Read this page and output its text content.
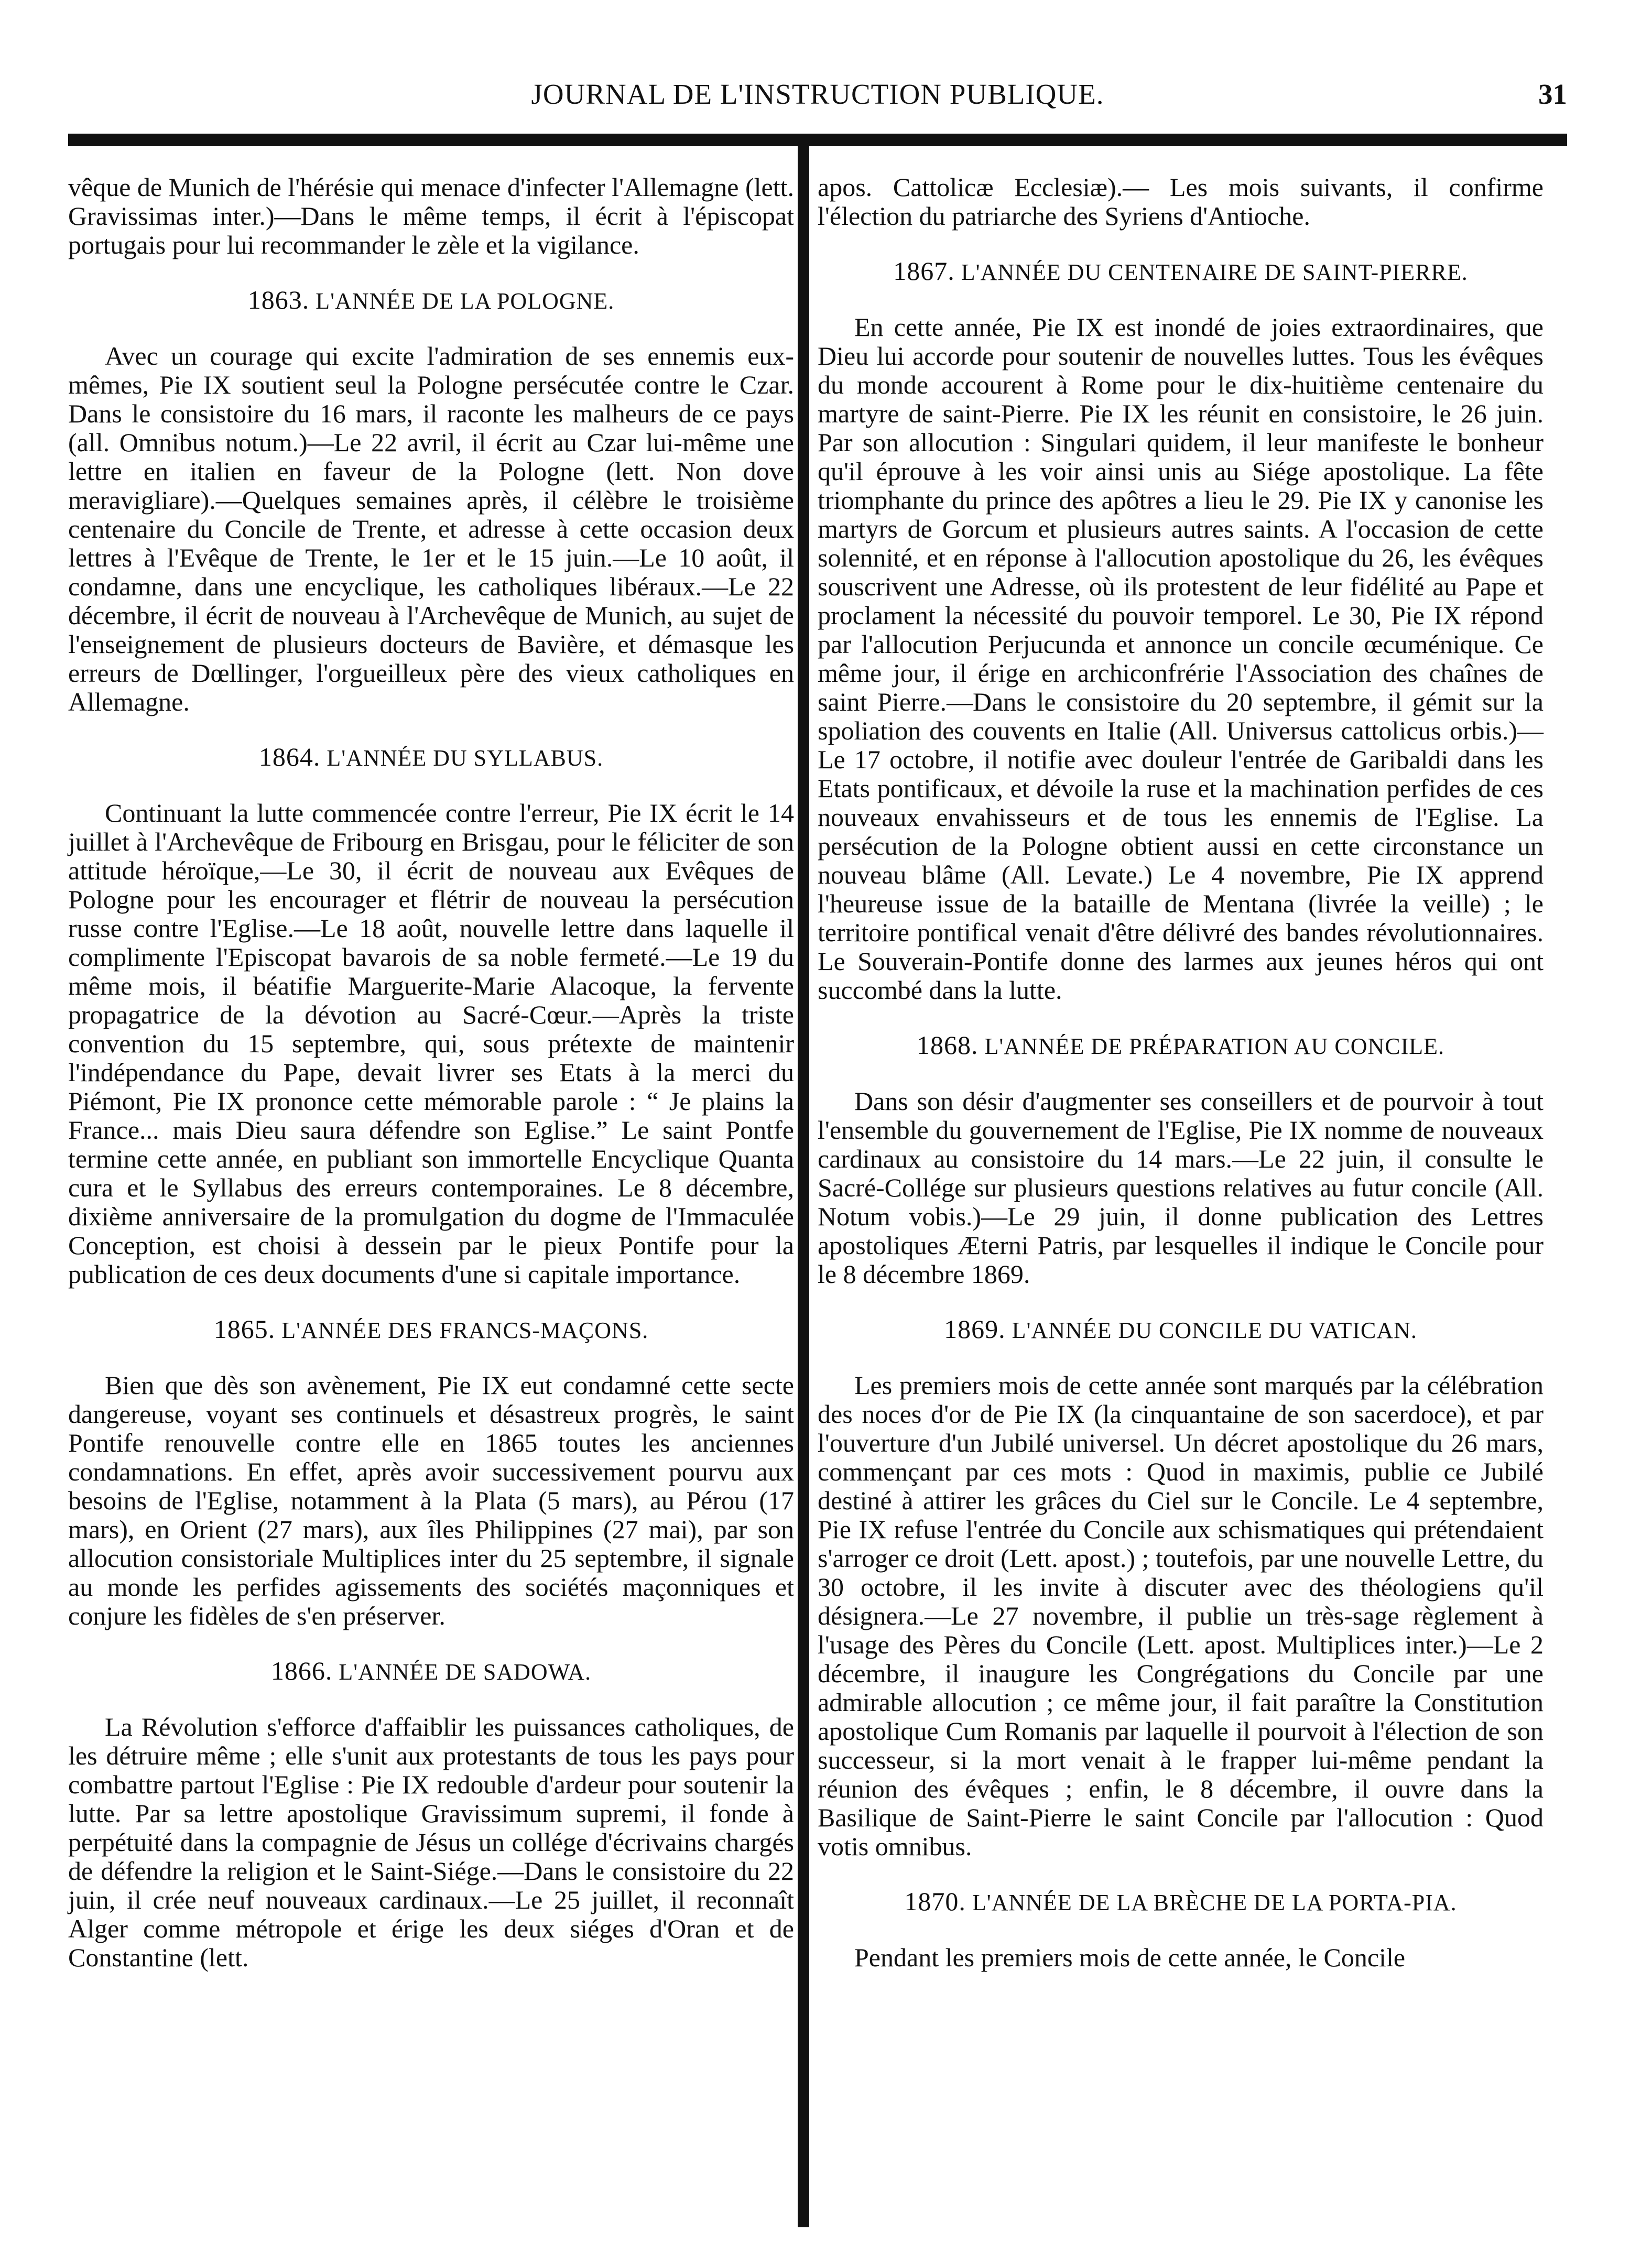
JOURNAL DE L'INSTRUCTION PUBLIQUE.	31

vêque de Munich de l'hérésie qui menace d'infecter l'Allemagne (lett. Gravissimas inter.)—Dans le même temps, il écrit à l'épiscopat portugais pour lui recommander le zèle et la vigilance.

1863. L'ANNÉE DE LA POLOGNE.

Avec un courage qui excite l'admiration de ses ennemis eux-mêmes, Pie IX soutient seul la Pologne persécutée contre le Czar. Dans le consistoire du 16 mars, il raconte les malheurs de ce pays (all. Omnibus notum.)—Le 22 avril, il écrit au Czar lui-même une lettre en italien en faveur de la Pologne (lett. Non dove meravigliare).—Quelques semaines après, il célèbre le troisième centenaire du Concile de Trente, et adresse à cette occasion deux lettres à l'Evêque de Trente, le 1er et le 15 juin.—Le 10 août, il condamne, dans une encyclique, les catholiques libéraux.—Le 22 décembre, il écrit de nouveau à l'Archevêque de Munich, au sujet de l'enseignement de plusieurs docteurs de Bavière, et démasque les erreurs de Dœllinger, l'orgueilleux père des vieux catholiques en Allemagne.

1864. L'ANNÉE DU SYLLABUS.

Continuant la lutte commencée contre l'erreur, Pie IX écrit le 14 juillet à l'Archevêque de Fribourg en Brisgau, pour le féliciter de son attitude héroïque,—Le 30, il écrit de nouveau aux Evêques de Pologne pour les encourager et flétrir de nouveau la persécution russe contre l'Eglise.—Le 18 août, nouvelle lettre dans laquelle il complimente l'Episcopat bavarois de sa noble fermeté.—Le 19 du même mois, il béatifie Marguerite-Marie Alacoque, la fervente propagatrice de la dévotion au Sacré-Cœur.—Après la triste convention du 15 septembre, qui, sous prétexte de maintenir l'indépendance du Pape, devait livrer ses Etats à la merci du Piémont, Pie IX prononce cette mémorable parole : “ Je plains la France... mais Dieu saura défendre son Eglise.” Le saint Pontfe termine cette année, en publiant son immortelle Encyclique Quanta cura et le Syllabus des erreurs contemporaines. Le 8 décembre, dixième anniversaire de la promulgation du dogme de l'Immaculée Conception, est choisi à dessein par le pieux Pontife pour la publication de ces deux documents d'une si capitale importance.

1865. L'ANNÉE DES FRANCS-MAÇONS.

Bien que dès son avènement, Pie IX eut condamné cette secte dangereuse, voyant ses continuels et désastreux progrès, le saint Pontife renouvelle contre elle en 1865 toutes les anciennes condamnations. En effet, après avoir successivement pourvu aux besoins de l'Eglise, notamment à la Plata (5 mars), au Pérou (17 mars), en Orient (27 mars), aux îles Philippines (27 mai), par son allocution consistoriale Multiplices inter du 25 septembre, il signale au monde les perfides agissements des sociétés maçonniques et conjure les fidèles de s'en préserver.

1866. L'ANNÉE DE SADOWA.

La Révolution s'efforce d'affaiblir les puissances catholiques, de les détruire même ; elle s'unit aux protestants de tous les pays pour combattre partout l'Eglise : Pie IX redouble d'ardeur pour soutenir la lutte. Par sa lettre apostolique Gravissimum supremi, il fonde à perpétuité dans la compagnie de Jésus un collége d'écrivains chargés de défendre la religion et le Saint-Siége.—Dans le consistoire du 22 juin, il crée neuf nouveaux cardinaux.—Le 25 juillet, il reconnaît Alger comme métropole et érige les deux siéges d'Oran et de Constantine (lett.

apos. Cattolicæ Ecclesiæ).— Les mois suivants, il confirme l'élection du patriarche des Syriens d'Antioche.

1867. L'ANNÉE DU CENTENAIRE DE SAINT-PIERRE.

En cette année, Pie IX est inondé de joies extraordinaires, que Dieu lui accorde pour soutenir de nouvelles luttes. Tous les évêques du monde accourent à Rome pour le dix-huitième centenaire du martyre de saint-Pierre. Pie IX les réunit en consistoire, le 26 juin. Par son allocution : Singulari quidem, il leur manifeste le bonheur qu'il éprouve à les voir ainsi unis au Siége apostolique. La fête triomphante du prince des apôtres a lieu le 29. Pie IX y canonise les martyrs de Gorcum et plusieurs autres saints. A l'occasion de cette solennité, et en réponse à l'allocution apostolique du 26, les évêques souscrivent une Adresse, où ils protestent de leur fidélité au Pape et proclament la nécessité du pouvoir temporel. Le 30, Pie IX répond par l'allocution Perjucunda et annonce un concile œcuménique. Ce même jour, il érige en archiconfrérie l'Association des chaînes de saint Pierre.—Dans le consistoire du 20 septembre, il gémit sur la spoliation des couvents en Italie (All. Universus cattolicus orbis.)—Le 17 octobre, il notifie avec douleur l'entrée de Garibaldi dans les Etats pontificaux, et dévoile la ruse et la machination perfides de ces nouveaux envahisseurs et de tous les ennemis de l'Eglise. La persécution de la Pologne obtient aussi en cette circonstance un nouveau blâme (All. Levate.) Le 4 novembre, Pie IX apprend l'heureuse issue de la bataille de Mentana (livrée la veille) ; le territoire pontifical venait d'être délivré des bandes révolutionnaires. Le Souverain-Pontife donne des larmes aux jeunes héros qui ont succombé dans la lutte.

1868. L'ANNÉE DE PRÉPARATION AU CONCILE.

Dans son désir d'augmenter ses conseillers et de pourvoir à tout l'ensemble du gouvernement de l'Eglise, Pie IX nomme de nouveaux cardinaux au consistoire du 14 mars.—Le 22 juin, il consulte le Sacré-Collége sur plusieurs questions relatives au futur concile (All. Notum vobis.)—Le 29 juin, il donne publication des Lettres apostoliques Æterni Patris, par lesquelles il indique le Concile pour le 8 décembre 1869.

1869. L'ANNÉE DU CONCILE DU VATICAN.

Les premiers mois de cette année sont marqués par la célébration des noces d'or de Pie IX (la cinquantaine de son sacerdoce), et par l'ouverture d'un Jubilé universel. Un décret apostolique du 26 mars, commençant par ces mots : Quod in maximis, publie ce Jubilé destiné à attirer les grâces du Ciel sur le Concile. Le 4 septembre, Pie IX refuse l'entrée du Concile aux schismatiques qui prétendaient s'arroger ce droit (Lett. apost.) ; toutefois, par une nouvelle Lettre, du 30 octobre, il les invite à discuter avec des théologiens qu'il désignera.—Le 27 novembre, il publie un très-sage règlement à l'usage des Pères du Concile (Lett. apost. Multiplices inter.)—Le 2 décembre, il inaugure les Congrégations du Concile par une admirable allocution ; ce même jour, il fait paraître la Constitution apostolique Cum Romanis par laquelle il pourvoit à l'élection de son successeur, si la mort venait à le frapper lui-même pendant la réunion des évêques ; enfin, le 8 décembre, il ouvre dans la Basilique de Saint-Pierre le saint Concile par l'allocution : Quod votis omnibus.

1870. L'ANNÉE DE LA BRÈCHE DE LA PORTA-PIA.

Pendant les premiers mois de cette année, le Concile
